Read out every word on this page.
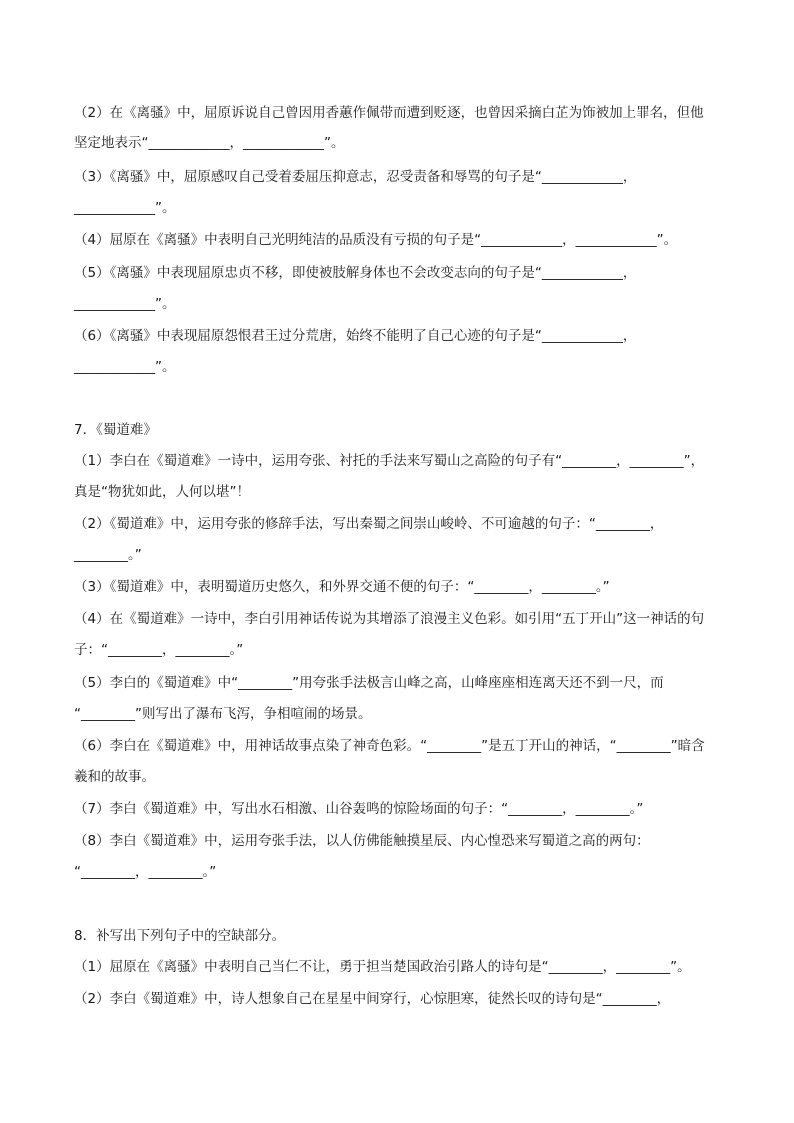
（2）在《离骚》中，屈原诉说自己曾因用香蕙作佩带而遭到贬逐，也曾因采摘白芷为饰被加上罪名，但他
坚定地表示“____________，____________”。
（3）《离骚》中，屈原感叹自己受着委屈压抑意志，忍受责备和辱骂的句子是“____________，
____________”。
（4）屈原在《离骚》中表明自己光明纯洁的品质没有亏损的句子是“____________，____________”。
（5）《离骚》中表现屈原忠贞不移，即使被肢解身体也不会改变志向的句子是“____________，
____________”。
（6）《离骚》中表现屈原怨恨君王过分荒唐，始终不能明了自己心迹的句子是“____________，
____________”。
7．《蜀道难》
（1）李白在《蜀道难》一诗中，运用夸张、衬托的手法来写蜀山之高险的句子有“________，________”，
真是“物犹如此，人何以堪”！
（2）《蜀道难》中，运用夸张的修辞手法，写出秦蜀之间崇山峻岭、不可逾越的句子：“________，
________。”
（3）《蜀道难》中，表明蜀道历史悠久，和外界交通不便的句子：“________，________。”
（4）在《蜀道难》一诗中，李白引用神话传说为其增添了浪漫主义色彩。如引用“五丁开山”这一神话的句
子：“________，________。”
（5）李白的《蜀道难》中“________”用夸张手法极言山峰之高，山峰座座相连离天还不到一尺，而
“________”则写出了瀑布飞泻，争相喧闹的场景。
（6）李白在《蜀道难》中，用神话故事点染了神奇色彩。“________”是五丁开山的神话，“________”暗含
羲和的故事。
（7）李白《蜀道难》中，写出水石相激、山谷轰鸣的惊险场面的句子：“________，________。”
（8）李白《蜀道难》中，运用夸张手法，以人仿佛能触摸星辰、内心惶恐来写蜀道之高的两句：
“________，________。”
8．补写出下列句子中的空缺部分。
（1）屈原在《离骚》中表明自己当仁不让，勇于担当楚国政治引路人的诗句是“________，________”。
（2）李白《蜀道难》中，诗人想象自己在星星中间穿行，心惊胆寒，徒然长叹的诗句是“________，
